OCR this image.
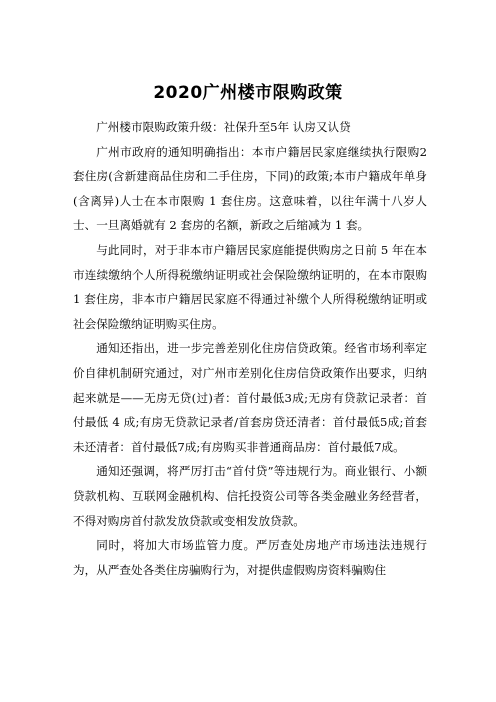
2020广州楼市限购政策

广州楼市限购政策升级：社保升至5年 认房又认贷

广州市政府的通知明确指出：本市户籍居民家庭继续执行限购2套住房(含新建商品住房和二手住房，下同)的政策;本市户籍成年单身(含离异)人士在本市限购 1 套住房。这意味着，以往年满十八岁人士、一旦离婚就有 2 套房的名额，新政之后缩减为 1 套。

与此同时，对于非本市户籍居民家庭能提供购房之日前 5 年在本市连续缴纳个人所得税缴纳证明或社会保险缴纳证明的，在本市限购 1 套住房，非本市户籍居民家庭不得通过补缴个人所得税缴纳证明或社会保险缴纳证明购买住房。

通知还指出，进一步完善差别化住房信贷政策。经省市场利率定价自律机制研究通过，对广州市差别化住房信贷政策作出要求，归纳起来就是——无房无贷(过)者：首付最低3成;无房有贷款记录者：首付最低 4 成;有房无贷款记录者/首套房贷还清者：首付最低5成;首套未还清者：首付最低7成;有房购买非普通商品房：首付最低7成。

通知还强调，将严厉打击“首付贷”等违规行为。商业银行、小额贷款机构、互联网金融机构、信托投资公司等各类金融业务经营者，不得对购房首付款发放贷款或变相发放贷款。

同时，将加大市场监管力度。严厉查处房地产市场违法违规行为，从严查处各类住房骗购行为，对提供虚假购房资料骗购住
